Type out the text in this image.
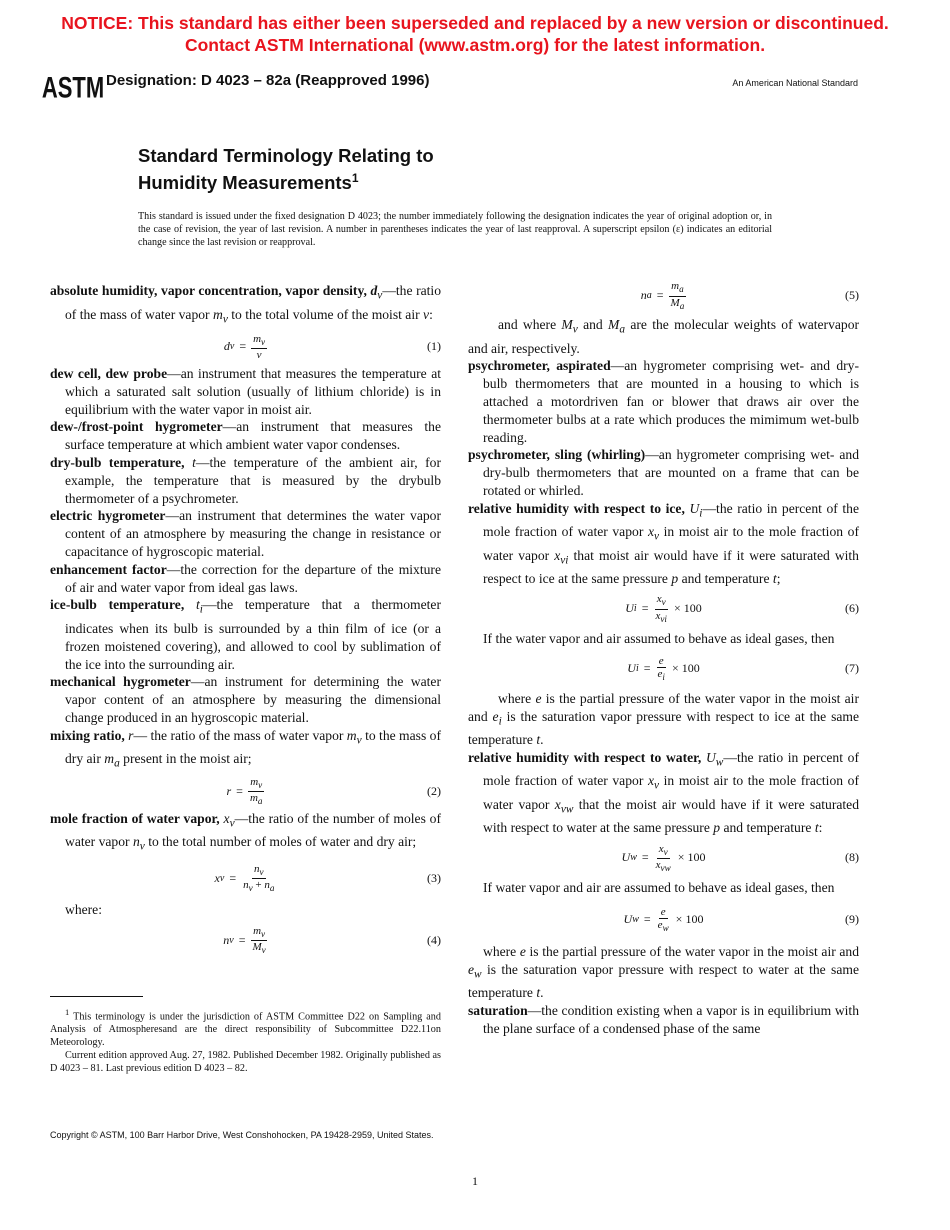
NOTICE: This standard has either been superseded and replaced by a new version or discontinued.
Contact ASTM International (www.astm.org) for the latest information.
ASTM Designation: D 4023 – 82a (Reapproved 1996)	An American National Standard
Standard Terminology Relating to
Humidity Measurements$^1$
This standard is issued under the fixed designation D 4023; the number immediately following the designation indicates the year of original adoption or, in the case of revision, the year of last revision. A number in parentheses indicates the year of last reapproval. A superscript epsilon (ε) indicates an editorial change since the last revision or reapproval.

absolute humidity, vapor concentration, vapor density, $d_v—the$ ratio of the mass of water vapor $m_v$ to the total volume of the moist air v:

d $v = \frac{m_v}{v}$	(1)

dew cell, dew probe—an instrument that measures the temperature at which a saturated salt solution (usually of lithium chloride) is in equilibrium with the water vapor in moist air.

dew-/frost-point hygrometer—an instrument that measures the surface temperature at which ambient water vapor condenses.

dry-bulb temperature, t—the temperature of the ambient air, for example, the temperature that is measured by the drybulb thermometer of a psychrometer.

electric hygrometer—an instrument that determines the water vapor content of an atmosphere by measuring the change in resistance or capacitance of hygroscopic material.

enhancement factor—the correction for the departure of the mixture of air and water vapor from ideal gas laws.

ice-bulb temperature, $t_i—the$ temperature that a thermometer indicates when its bulb is surrounded by a thin film of ice (or a frozen moistened covering), and allowed to cool by sublimation of the ice into the surrounding air.

mechanical hygrometer—an instrument for determining the water vapor content of an atmosphere by measuring the dimensional change produced in an hygroscopic material.

mixing ratio, r— the ratio of the mass of water vapor $m_v$ to the mass of dry air $m_a$ present in the moist air;

$r = \frac{m_v}{m_a}$	(2)

mole fraction of water vapor, $x_v—the$ ratio of the number of moles of water vapor $n_v$ to the total number of moles of water and dry air;

x $v = \frac{n_v}{n_v + n_a}$	(3)

where:

n $v = \frac{m_v}{M_v}$	(4)
n $a = \frac{m_a}{M_a}$	(5)

and where $M_v$ and $M_a$ are the molecular weights of watervapor and air, respectively.

psychrometer, aspirated—an hygrometer comprising wet- and dry-bulb thermometers that are mounted in a housing to which is attached a motordriven fan or blower that draws air over the thermometer bulbs at a rate which produces the mimimum wet-bulb reading.

psychrometer, sling (whirling)—an hygrometer comprising wet- and dry-bulb thermometers that are mounted on a frame that can be rotated or whirled.

relative humidity with respect to ice, $U_i—the$ ratio in percent of the mole fraction of water vapor $x_v$ in moist air to the mole fraction of water vapor $x_{vi}$ that moist air would have if it were saturated with respect to ice at the same pressure p and temperature t;

U $i = \frac{x_v}{x_{vi}} \times 100$	(6)

If the water vapor and air assumed to behave as ideal gases, then

U $i = \frac{e}{e_i} \times 100$	(7)

where e is the partial pressure of the water vapor in the moist air and $e_i$ is the saturation vapor pressure with respect to ice at the same temperature t.

relative humidity with respect to water, $U_w—the$ ratio in percent of mole fraction of water vapor $x_v$ in moist air to the mole fraction of water vapor $x_{vw}$ that the moist air would have if it were saturated with respect to water at the same pressure p and temperature t:

U $w = \frac{x_v}{x_{vw}} \times 100$	(8)

If water vapor and air are assumed to behave as ideal gases, then

U $w = \frac{e}{e_w} \times 100$	(9)

where e is the partial pressure of the water vapor in the moist air and $e_w$ is the saturation vapor pressure with respect to water at the same temperature t.

saturation—the condition existing when a vapor is in equilibrium with the plane surface of a condensed phase of the same

$^1$ This terminology is under the jurisdiction of ASTM Committee D22 on Sampling and Analysis of Atmospheresand are the direct responsibility of Subcommittee D22.11on Meteorology.

Current edition approved Aug. 27, 1982. Published December 1982. Originally published as D 4023 – 81. Last previous edition D 4023 – 82.

Copyright © ASTM, 100 Barr Harbor Drive, West Conshohocken, PA 19428-2959, United States.
1
